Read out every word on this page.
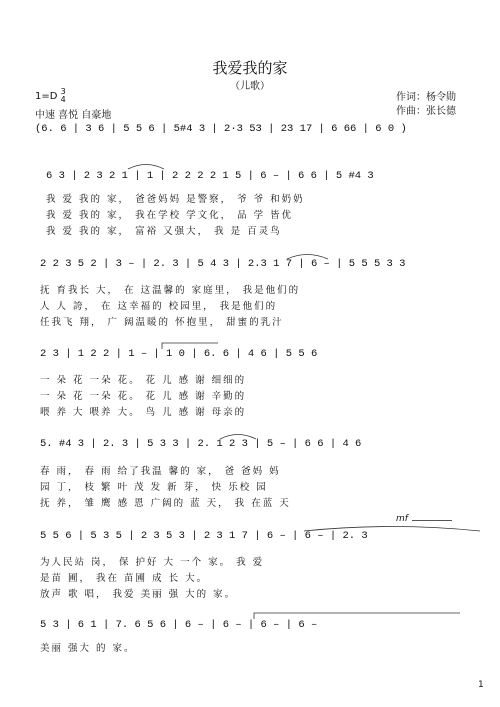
我爱我的家
（儿歌）
1=D 3
4
中速 喜悦 自豪地
作词：杨令勋
作曲：张长德
(6. 6 | 3 6 | 5 5 6 | 5#4 3 | 2·3 53 | 23 17 | 6 66 | 6 0 )
6 3 | 2 3 2 1 | 1 | 2 2 2 2 1 5 | 6 – | 6 6 | 5 #4 3
我 爱 我的 家， 爸爸妈妈 是警察， 爷 爷 和奶奶
我 爱 我的 家， 我在学校 学文化， 品 学 皆优
我 爱 我的 家， 富裕 又强大， 我 是 百灵鸟
2 2 3 5 2 | 3 – | 2. 3 | 5 4 3 | 2.3 1 7 | 6 – | 5 5 5 3 3
抚 育我长 大， 在 这温馨的 家庭里， 我是他们的
人 人 誇， 在 这幸福的 校园里， 我是他们的
任我飞 翔， 广 阔温暖的 怀抱里， 甜蜜的乳汁
2 3 | 1 2 2 | 1 – | 1 0 | 6. 6 | 4 6 | 5 5 6
一 朵 花 一朵 花。 花 儿 感 谢 细细的
一 朵 花 一朵 花。 花 儿 感 谢 辛勤的
喂 养 大 喂养 大。 鸟 儿 感 谢 母亲的
5. #4 3 | 2. 3 | 5 3 3 | 2. 1 2 3 | 5 – | 6 6 | 4 6
春 雨， 春 雨 给了我温 馨的 家， 爸 爸妈 妈
园 丁， 枝 繁 叶 茂 发 新 芽， 快 乐校 园
抚 养， 雏 鹰 感 恩 广阔的 蓝 天， 我 在蓝 天
mf
5 5 6 | 5 3 5 | 2 3 5 3 | 2 3 1 7 | 6 – | 6 – | 2. 3
为人民站 岗， 保 护好 大 一个 家。 我 爱
是苗 圃， 我在 苗圃 成 长 大。
放声 歌 唱， 我爱 美丽 强 大的 家。
5 3 | 6 1 | 7. 6 5 6 | 6 – | 6 – | 6 – | 6 –
美丽 强大 的 家。
1
